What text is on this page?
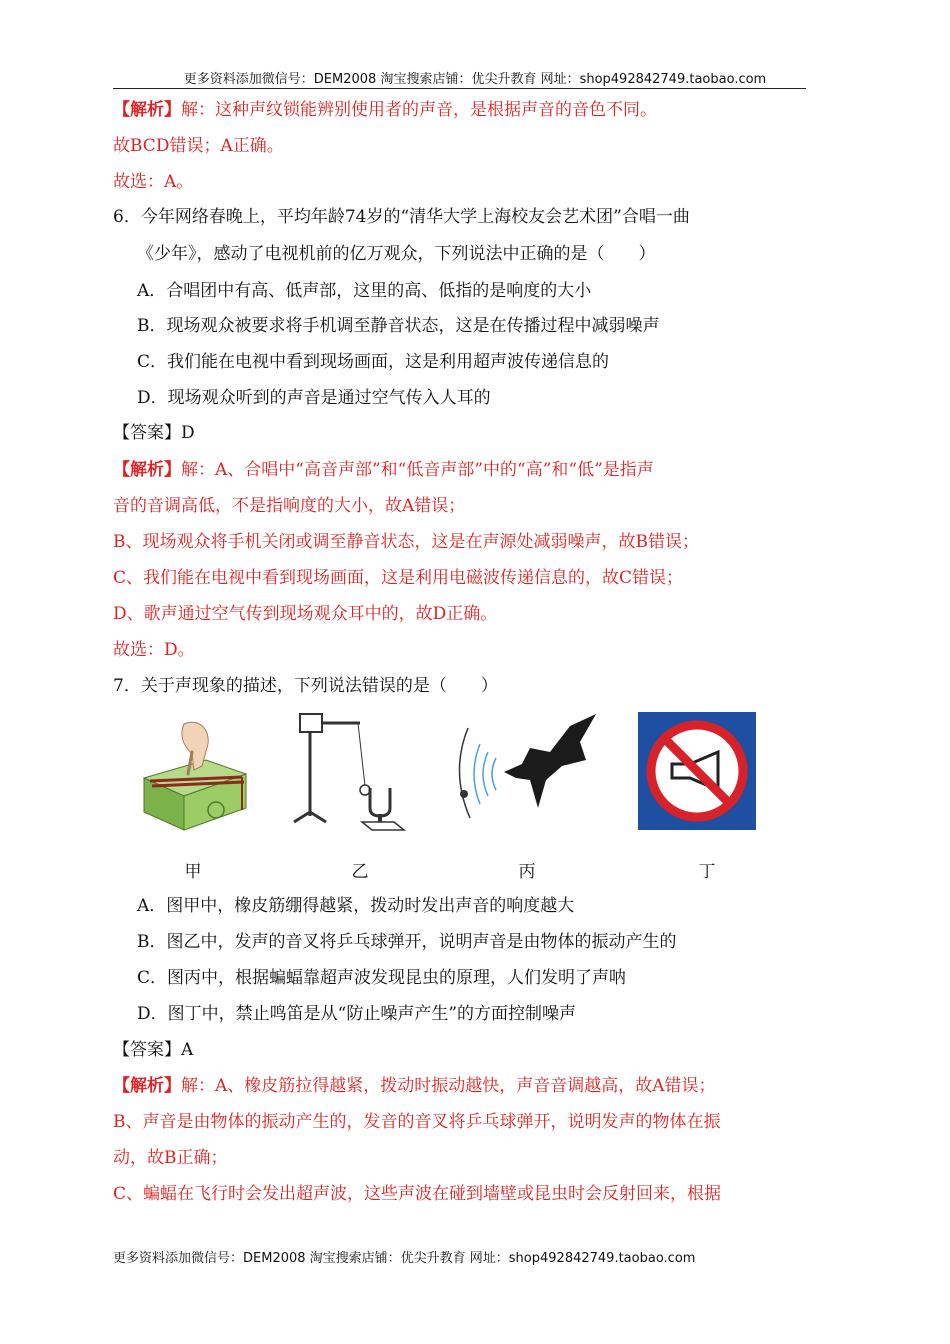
更多资料添加微信号：DEM2008 淘宝搜索店铺：优尖升教育 网址：shop492842749.taobao.com
【解析】解：这种声纹锁能辨别使用者的声音，是根据声音的音色不同。
故BCD错误；A正确。
故选：A。
6．今年网络春晚上，平均年龄74岁的“清华大学上海校友会艺术团”合唱一曲
《少年》，感动了电视机前的亿万观众，下列说法中正确的是（　　）
A．合唱团中有高、低声部，这里的高、低指的是响度的大小
B．现场观众被要求将手机调至静音状态，这是在传播过程中减弱噪声
C．我们能在电视中看到现场画面，这是利用超声波传递信息的
D．现场观众听到的声音是通过空气传入人耳的
【答案】D
【解析】解：A、合唱中“高音声部”和“低音声部”中的“高”和“低”是指声
音的音调高低，不是指响度的大小，故A错误；
B、现场观众将手机关闭或调至静音状态，这是在声源处减弱噪声，故B错误；
C、我们能在电视中看到现场画面，这是利用电磁波传递信息的，故C错误；
D、歌声通过空气传到现场观众耳中的，故D正确。
故选：D。
7．关于声现象的描述，下列说法错误的是（　　）
甲	乙	丙	丁
A．图甲中，橡皮筋绷得越紧，拨动时发出声音的响度越大
B．图乙中，发声的音叉将乒乓球弹开，说明声音是由物体的振动产生的
C．图丙中，根据蝙蝠靠超声波发现昆虫的原理，人们发明了声呐
D．图丁中，禁止鸣笛是从“防止噪声产生”的方面控制噪声
【答案】A
【解析】解：A、橡皮筋拉得越紧，拨动时振动越快，声音音调越高，故A错误；
B、声音是由物体的振动产生的，发音的音叉将乒乓球弹开，说明发声的物体在振
动，故B正确；
C、蝙蝠在飞行时会发出超声波，这些声波在碰到墙壁或昆虫时会反射回来，根据
更多资料添加微信号：DEM2008 淘宝搜索店铺：优尖升教育 网址：shop492842749.taobao.com
